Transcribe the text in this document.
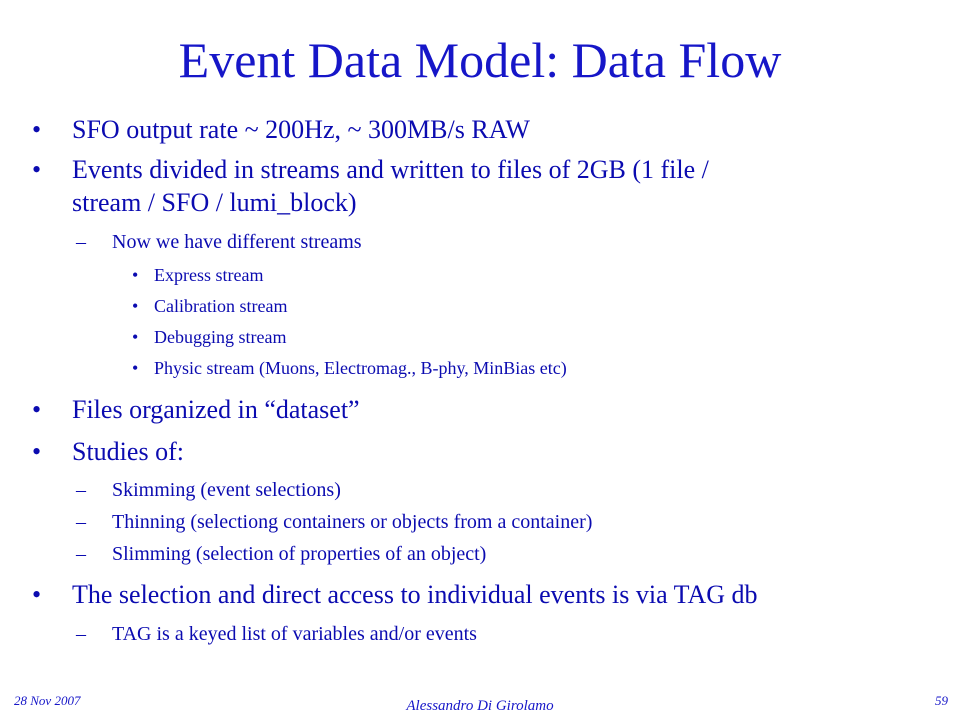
Event Data Model: Data Flow
• SFO output rate ~ 200Hz, ~ 300MB/s RAW
• Events divided in streams and written to files of 2GB (1 file /
stream / SFO / lumi_block)
– Now we have different streams
• Express stream
• Calibration stream
• Debugging stream
• Physic stream (Muons, Electromag., B-phy, MinBias etc)
• Files organized in “dataset”
• Studies of:
– Skimming (event selections)
– Thinning (selectiong containers or objects from a container)
– Slimming (selection of properties of an object)
• The selection and direct access to individual events is via TAG db
– TAG is a keyed list of variables and/or events
28 Nov 2007	Alessandro Di Girolamo	59
